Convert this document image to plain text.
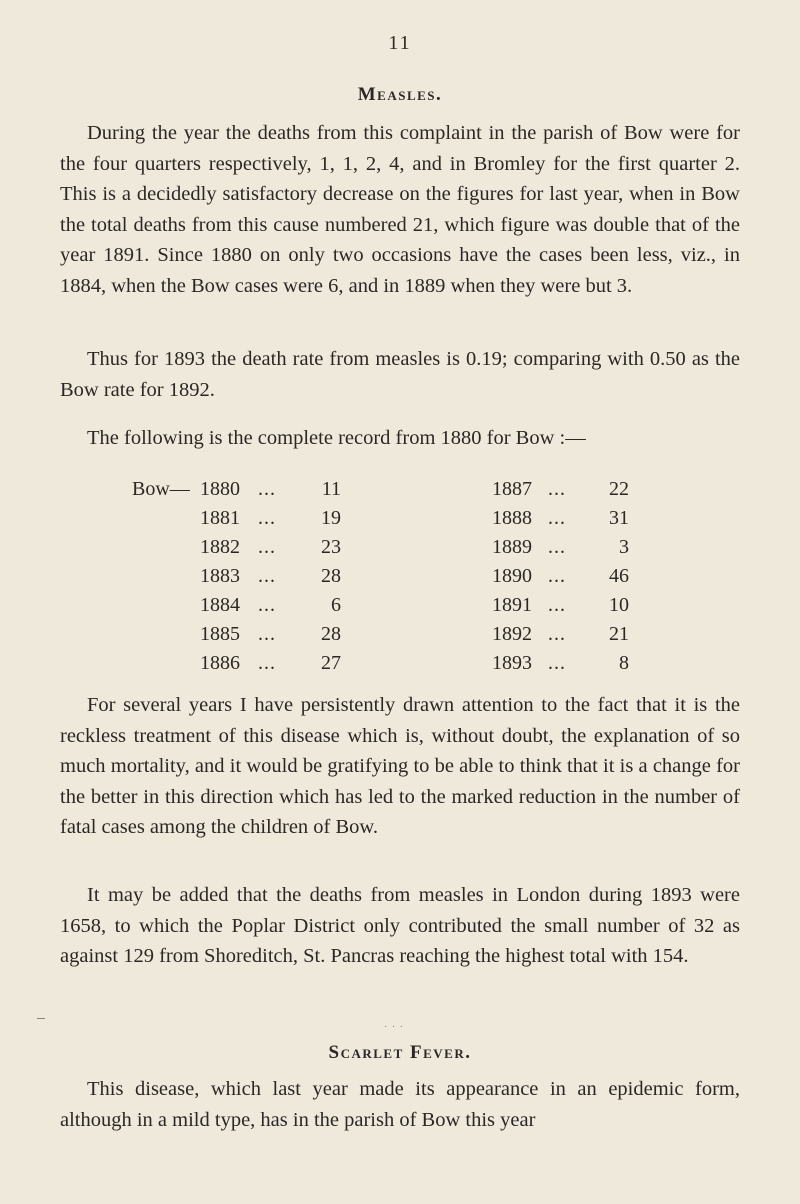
11
Measles.

During the year the deaths from this complaint in the parish of Bow were for the four quarters respectively, 1, 1, 2, 4, and in Bromley for the first quarter 2. This is a decidedly satisfactory decrease on the figures for last year, when in Bow the total deaths from this cause numbered 21, which figure was double that of the year 1891. Since 1880 on only two occasions have the cases been less, viz., in 1884, when the Bow cases were 6, and in 1889 when they were but 3.

Thus for 1893 the death rate from measles is 0.19; comparing with 0.50 as the Bow rate for 1892.

The following is the complete record from 1880 for Bow :—

Bow— 1880 ...	11
1881 ...	19
1882 ...	23
1883 ...	28
1884 ...	6
1885 ...	28
1886 ...	27
1887 ...	22
1888 ...	31
1889 ...	3
1890 ...	46
1891 ...	10
1892 ...	21
1893 ...	8

For several years I have persistently drawn attention to the fact that it is the reckless treatment of this disease which is, without doubt, the explanation of so much mortality, and it would be gratifying to be able to think that it is a change for the better in this direction which has led to the marked reduction in the number of fatal cases among the children of Bow.

It may be added that the deaths from measles in London during 1893 were 1658, to which the Poplar District only contributed the small number of 32 as against 129 from Shoreditch, St. Pancras reaching the highest total with 154.

· · ·
Scarlet Fever.

This disease, which last year made its appearance in an epidemic form, although in a mild type, has in the parish of Bow this year
